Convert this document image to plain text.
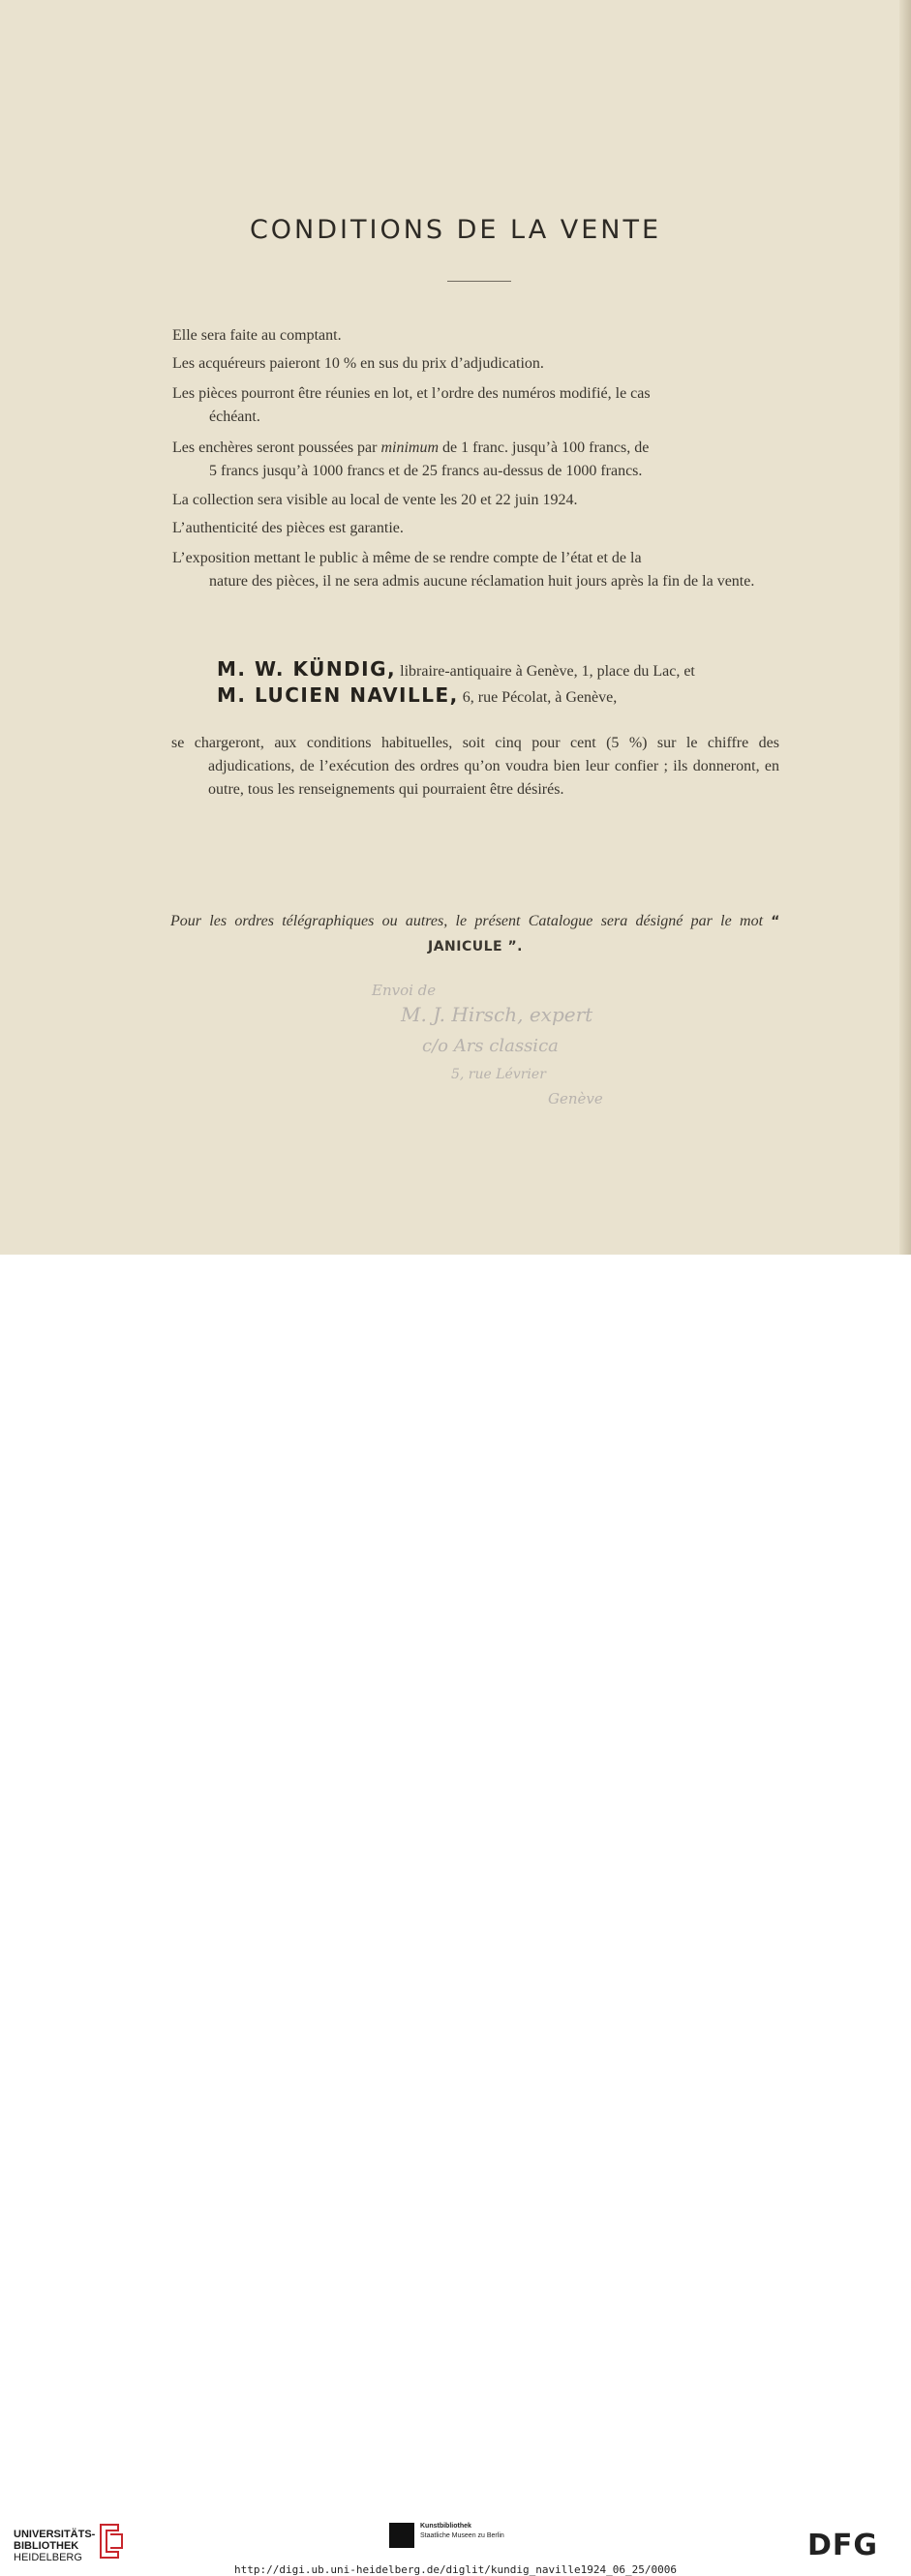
CONDITIONS DE LA VENTE

Elle sera faite au comptant.

Les acquéreurs paieront 10 % en sus du prix d’adjudication.

Les pièces pourront être réunies en lot, et l’ordre des numéros modifié, le cas
échéant.

Les enchères seront poussées par minimum de 1 franc. jusqu’à 100 francs, de
5 francs jusqu’à 1000 francs et de 25 francs au-dessus de 1000 francs.

La collection sera visible au local de vente les 20 et 22 juin 1924.

L’authenticité des pièces est garantie.

L’exposition mettant le public à même de se rendre compte de l’état et de la
nature des pièces, il ne sera admis aucune réclamation huit jours après la fin de la vente.

M. W. KÜNDIG, libraire-antiquaire à Genève, 1, place du Lac, et
M. LUCIEN NAVILLE, 6, rue Pécolat, à Genève,

se chargeront, aux conditions habituelles, soit cinq pour cent (5 %) sur le chiffre des adjudications, de l’exécution des ordres qu’on voudra bien leur confier ; ils donneront, en outre, tous les renseignements qui pourraient être désirés.

Pour les ordres télégraphiques ou autres, le présent Catalogue sera désigné par le mot “ JANICULE ”.
Envoi de
M. J. Hirsch, expert
c/o Ars classica
5, rue Lévrier
Genève
UNIVERSITÄTS-
BIBLIOTHEK
HEIDELBERG
Kunstbibliothek
Staatliche Museen zu Berlin	DFG
http://digi.ub.uni-heidelberg.de/diglit/kundig_naville1924_06_25/0006
